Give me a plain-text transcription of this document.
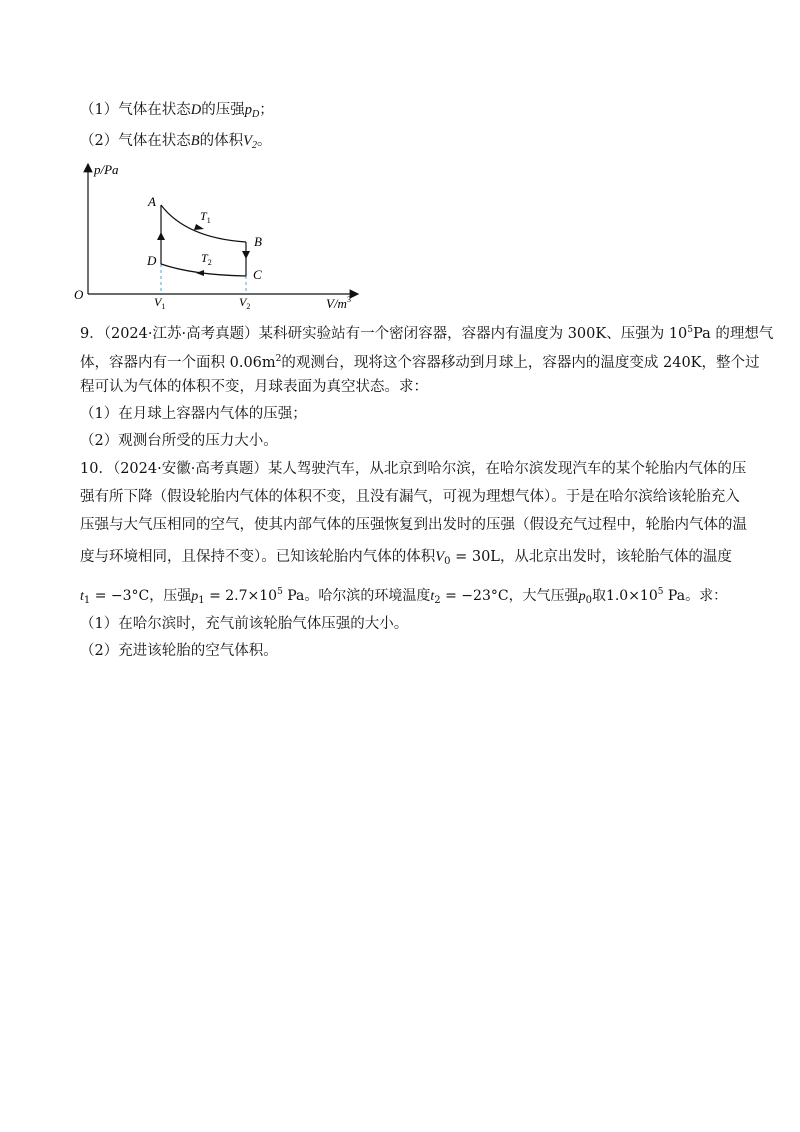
（1）气体在状态D的压强$p_D$；
（2）气体在状态B的体积$V_2$。
p/Pa
$V/m^3$
O
A
B
C
D
$T_1$
$T_2$
$V_1$	$V_2$
9．（2024·江苏·高考真题）某科研实验站有一个密闭容器，容器内有温度为 300K、压强为 $10^5Pa$ 的理想气
体，容器内有一个面积 $0.06m^2$的观测台，现将这个容器移动到月球上，容器内的温度变成 240K，整个过
程可认为气体的体积不变，月球表面为真空状态。求：
（1）在月球上容器内气体的压强；
（2）观测台所受的压力大小。
10．（2024·安徽·高考真题）某人驾驶汽车，从北京到哈尔滨，在哈尔滨发现汽车的某个轮胎内气体的压
强有所下降（假设轮胎内气体的体积不变，且没有漏气，可视为理想气体）。于是在哈尔滨给该轮胎充入
压强与大气压相同的空气，使其内部气体的压强恢复到出发时的压强（假设充气过程中，轮胎内气体的温
度与环境相同，且保持不变）。已知该轮胎内气体的体积$V_0 = 30L$，从北京出发时，该轮胎气体的温度
$t_1 = -3^\circ C$，压强$p_1 = 2.7\times 10^5$ Pa。哈尔滨的环境温度$t_2 = -23^\circ C$，大气压强$p_0$取$1.0\times 10^5$ Pa。求：
（1）在哈尔滨时，充气前该轮胎气体压强的大小。
（2）充进该轮胎的空气体积。
